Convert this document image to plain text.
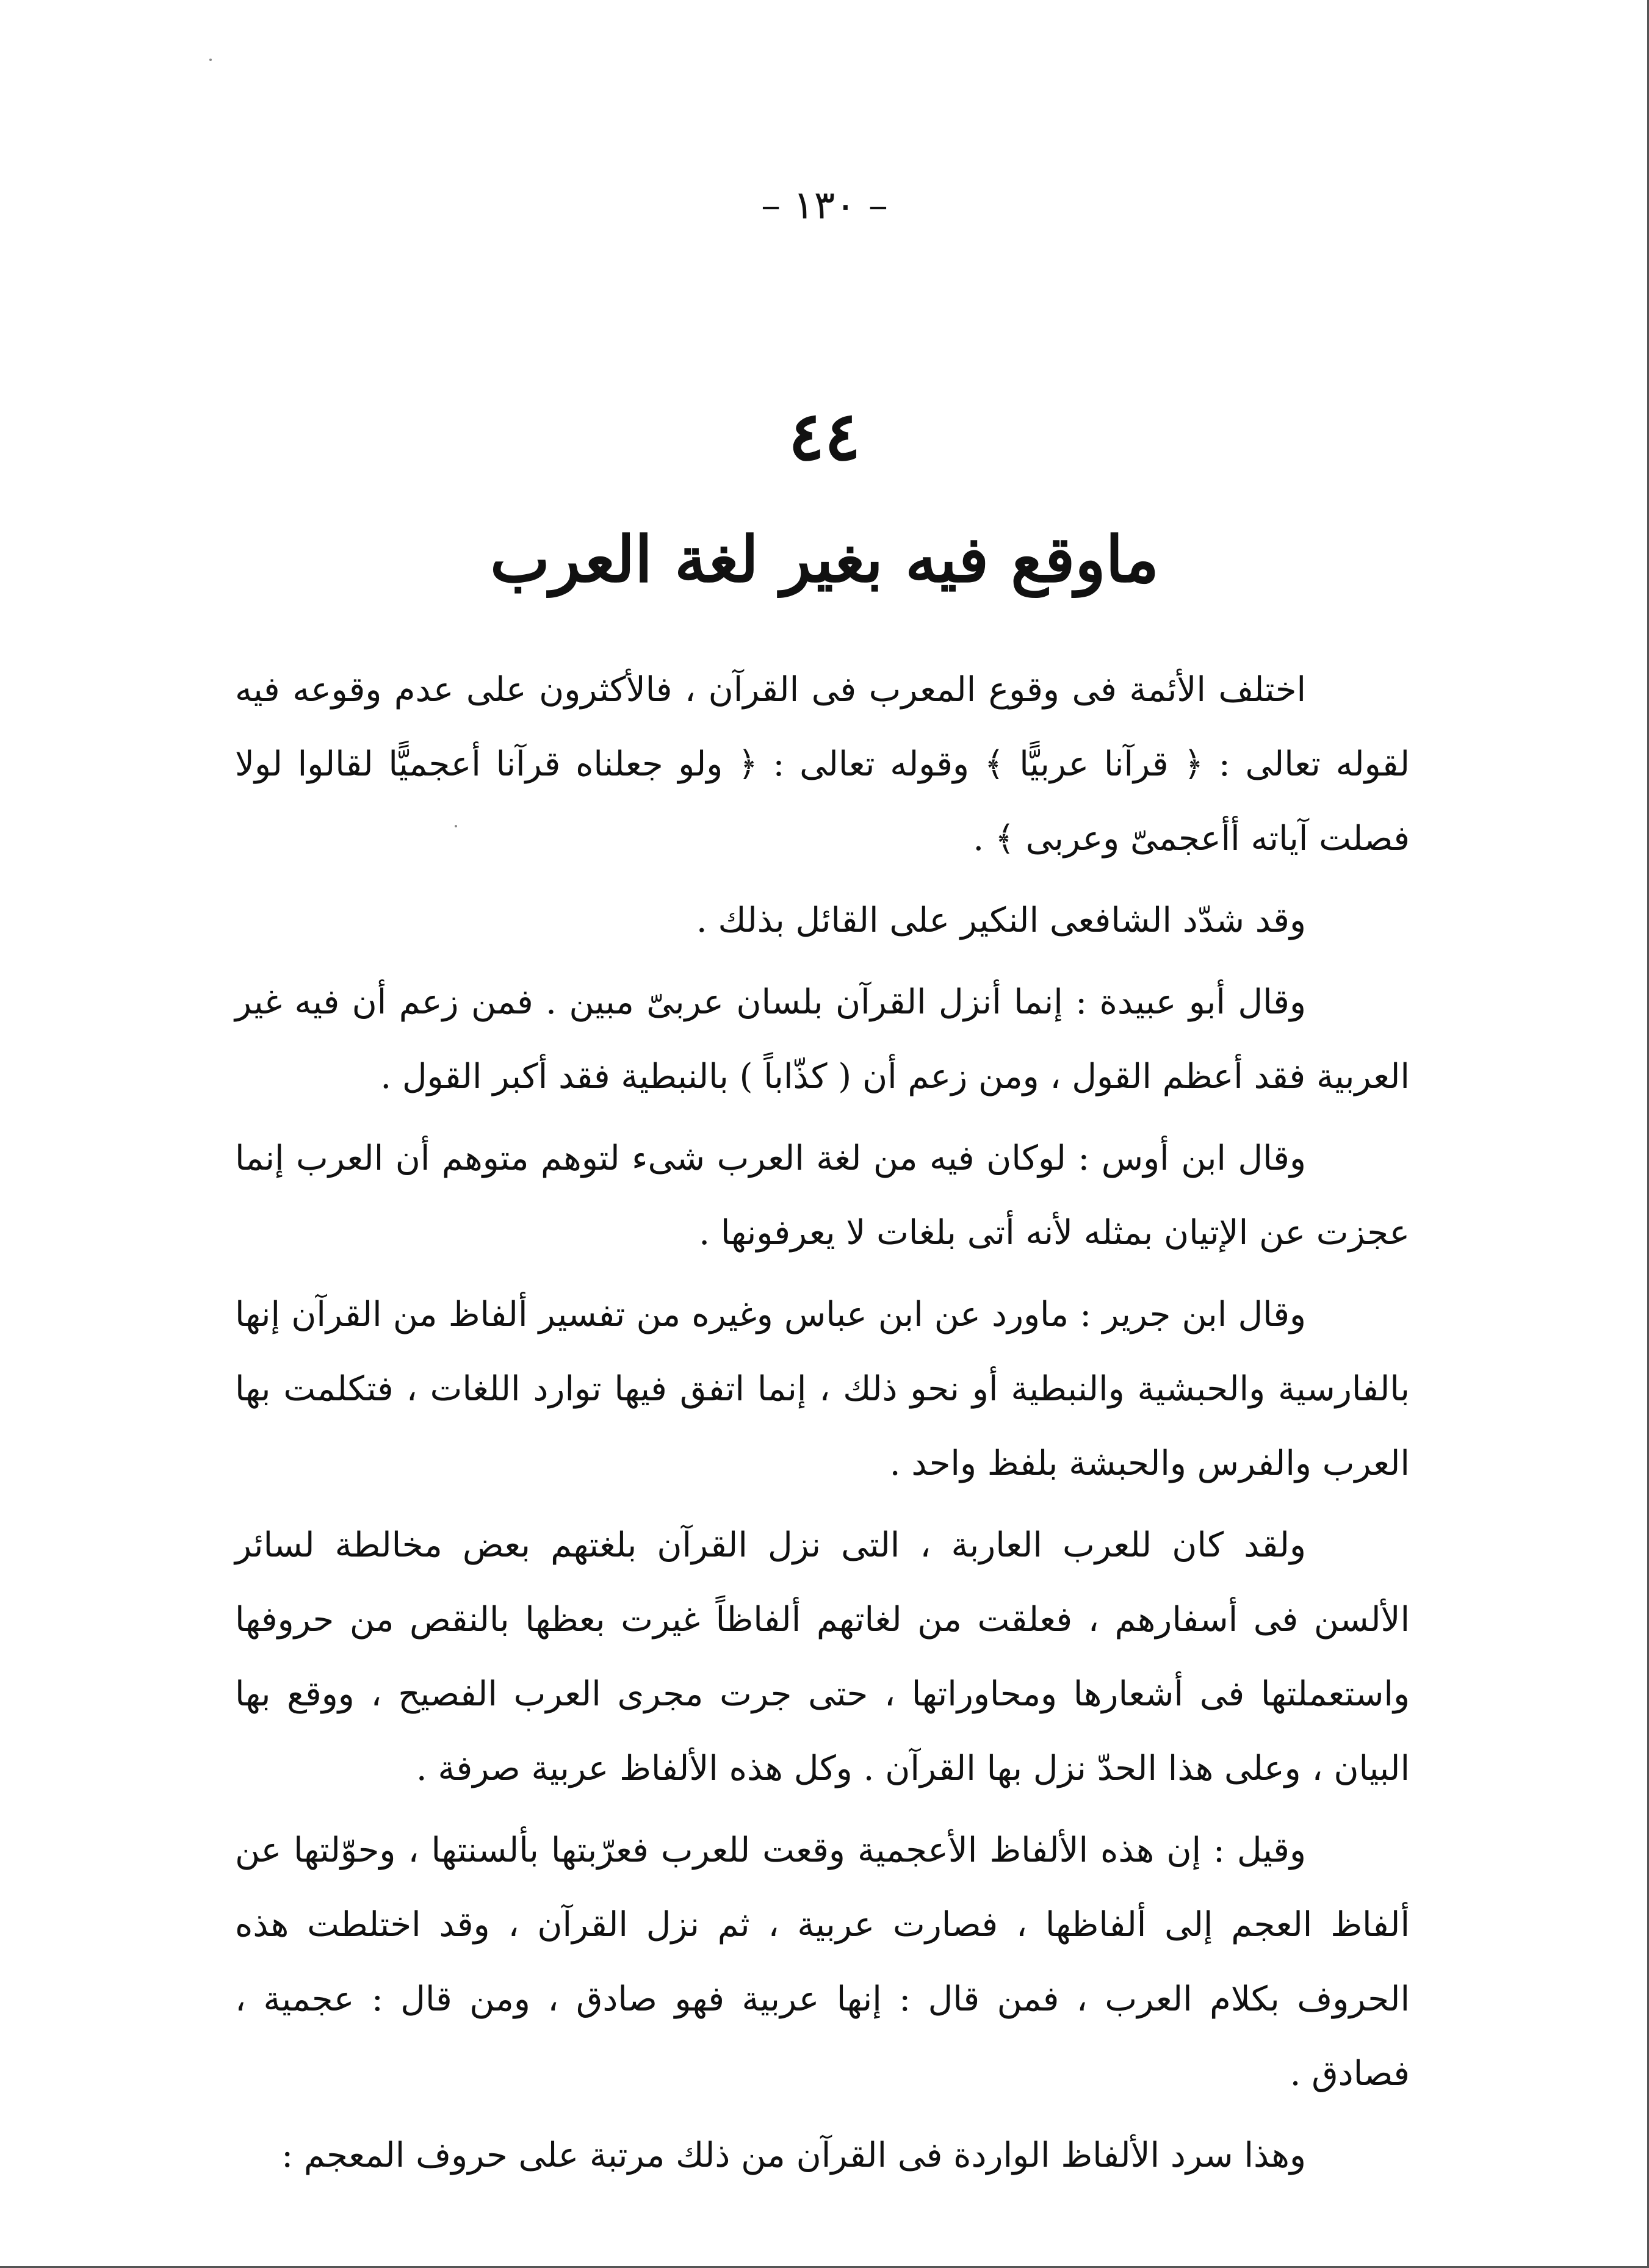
– ١٣٠ –
٤٤
ماوقع فيه بغير لغة العرب

اختلف الأئمة فى وقوع المعرب فى القرآن ، فالأكثرون على عدم وقوعه فيه لقوله تعالى : ﴿ قرآنا عربيًّا ﴾ وقوله تعالى : ﴿ ولو جعلناه قرآنا أعجميًّا لقالوا لولا فصلت آياته أأعجمىّ وعربى ﴾ .

وقد شدّد الشافعى النكير على القائل بذلك .

وقال أبو عبيدة : إنما أنزل القرآن بلسان عربىّ مبين . فمن زعم أن فيه غير العربية فقد أعظم القول ، ومن زعم أن ( كذّاباً ) بالنبطية فقد أكبر القول .

وقال ابن أوس : لوكان فيه من لغة العرب شىء لتوهم متوهم أن العرب إنما عجزت عن الإتيان بمثله لأنه أتى بلغات لا يعرفونها .

وقال ابن جرير : ماورد عن ابن عباس وغيره من تفسير ألفاظ من القرآن إنها بالفارسية والحبشية والنبطية أو نحو ذلك ، إنما اتفق فيها توارد اللغات ، فتكلمت بها العرب والفرس والحبشة بلفظ واحد .

ولقد كان للعرب العاربة ، التى نزل القرآن بلغتهم بعض مخالطة لسائر الألسن فى أسفارهم ، فعلقت من لغاتهم ألفاظاً غيرت بعظها بالنقص من حروفها واستعملتها فى أشعارها ومحاوراتها ، حتى جرت مجرى العرب الفصيح ، ووقع بها البيان ، وعلى هذا الحدّ نزل بها القرآن . وكل هذه الألفاظ عربية صرفة .

وقيل : إن هذه الألفاظ الأعجمية وقعت للعرب فعرّبتها بألسنتها ، وحوّلتها عن ألفاظ العجم إلى ألفاظها ، فصارت عربية ، ثم نزل القرآن ، وقد اختلطت هذه الحروف بكلام العرب ، فمن قال : إنها عربية فهو صادق ، ومن قال : عجمية ، فصادق .

وهذا سرد الألفاظ الواردة فى القرآن من ذلك مرتبة على حروف المعجم :
